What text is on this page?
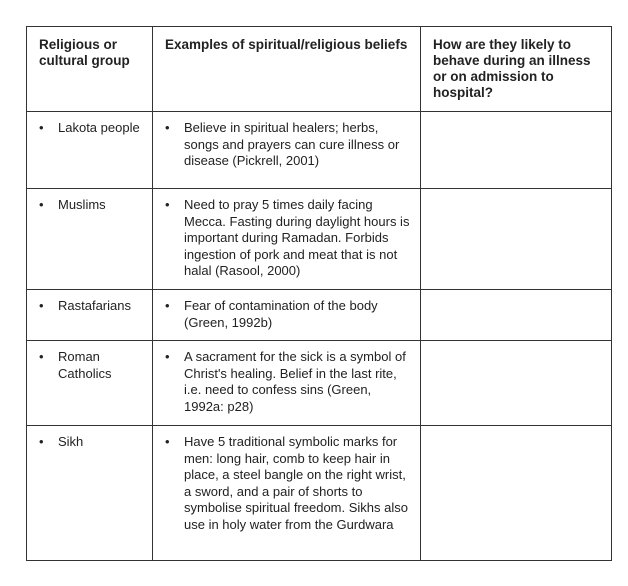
Religious or cultural group	Examples of spiritual/religious beliefs	How are they likely to behave during an illness or on admission to hospital?

• Lakota people	• Believe in spiritual healers; herbs, songs and prayers can cure illness or disease (Pickrell, 2001)	

• Muslims	• Need to pray 5 times daily facing Mecca. Fasting during daylight hours is important during Ramadan. Forbids ingestion of pork and meat that is not halal (Rasool, 2000)	

• Rastafarians	• Fear of contamination of the body (Green, 1992b)	

• Roman Catholics	• A sacrament for the sick is a symbol of Christ's healing. Belief in the last rite, i.e. need to confess sins (Green, 1992a: p28)	

• Sikh	• Have 5 traditional symbolic marks for men: long hair, comb to keep hair in place, a steel bangle on the right wrist, a sword, and a pair of shorts to symbolise spiritual freedom. Sikhs also use in holy water from the Gurdwara	
